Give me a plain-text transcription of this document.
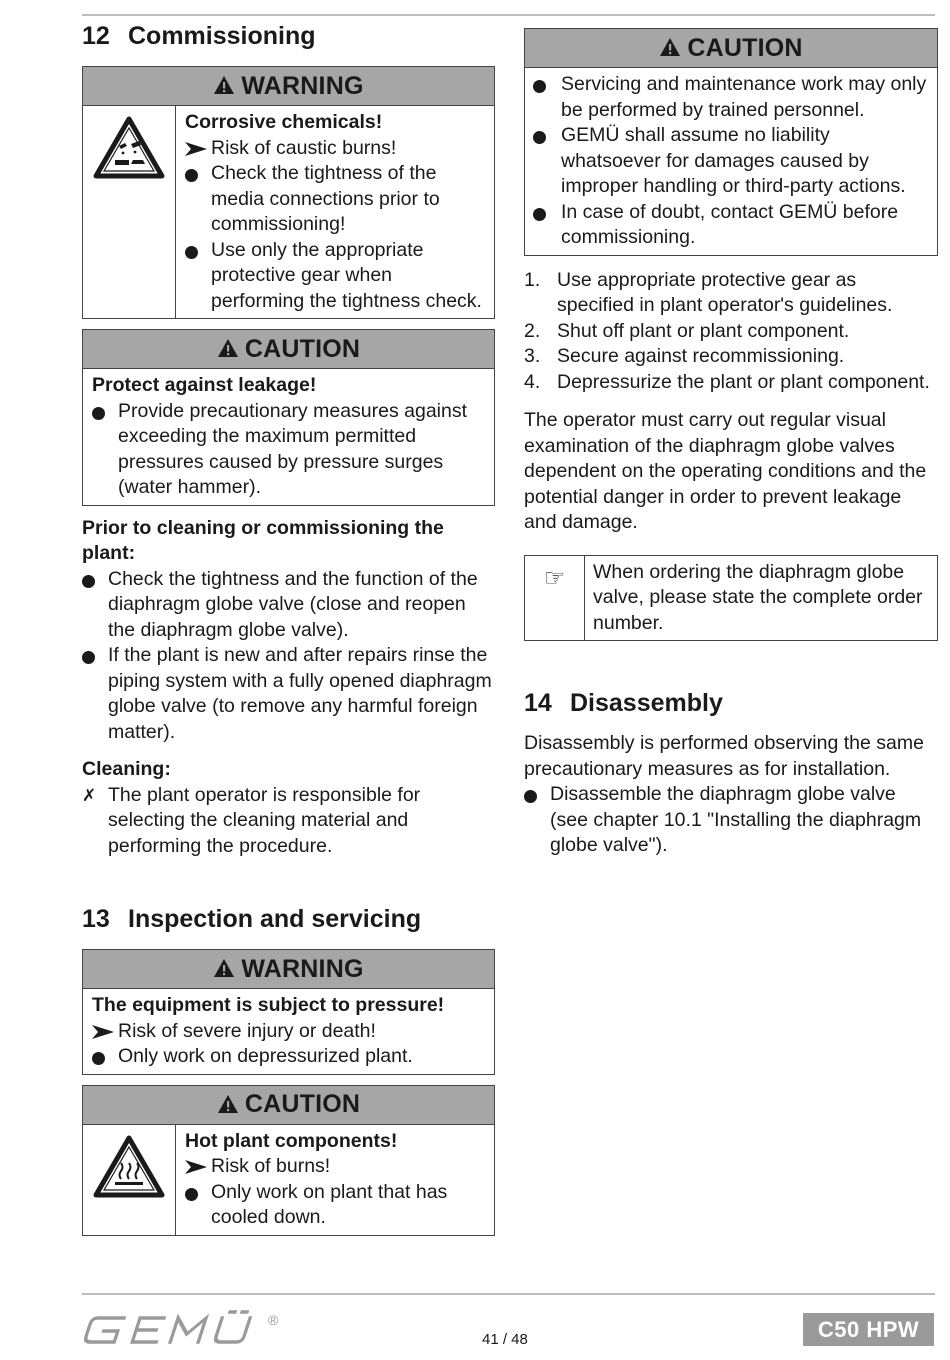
12 Commissioning
WARNING
Corrosive chemicals!
Risk of caustic burns!
Check the tightness of the media connections prior to commissioning!
Use only the appropriate protective gear when performing the tightness check.
CAUTION
Protect against leakage!
Provide precautionary measures against exceeding the maximum permitted pressures caused by pressure surges (water hammer).
Prior to cleaning or commissioning the plant:
Check the tightness and the function of the diaphragm globe valve (close and reopen the diaphragm globe valve).
If the plant is new and after repairs rinse the piping system with a fully opened diaphragm globe valve (to remove any harmful foreign matter).
Cleaning:
✗ The plant operator is responsible for selecting the cleaning material and performing the procedure.
13 Inspection and servicing
WARNING
The equipment is subject to pressure!
Risk of severe injury or death!
Only work on depressurized plant.
CAUTION
Hot plant components!
Risk of burns!
Only work on plant that has cooled down.
CAUTION
Servicing and maintenance work may only be performed by trained personnel.
GEMÜ shall assume no liability whatsoever for damages caused by improper handling or third-party actions.
In case of doubt, contact GEMÜ before commissioning.
1. Use appropriate protective gear as specified in plant operator's guidelines.
2. Shut off plant or plant component.
3. Secure against recommissioning.
4. Depressurize the plant or plant component.
The operator must carry out regular visual examination of the diaphragm globe valves dependent on the operating conditions and the potential danger in order to prevent leakage and damage.
☞	When ordering the diaphragm globe valve, please state the complete order number.
14 Disassembly
Disassembly is performed observing the same precautionary measures as for installation.
Disassemble the diaphragm globe valve (see chapter 10.1 "Installing the diaphragm globe valve").
GEMÜ
®
41 / 48	C50 HPW
